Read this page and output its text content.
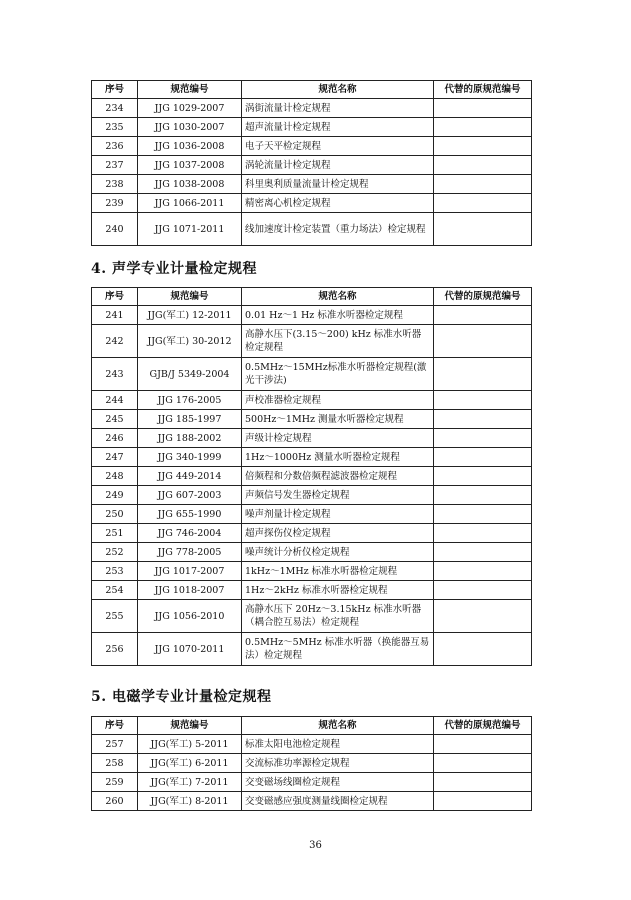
序号	规范编号	规范名称	代替的原规范编号
234	JJG 1029-2007	涡街流量计检定规程	
235	JJG 1030-2007	超声流量计检定规程	
236	JJG 1036-2008	电子天平检定规程	
237	JJG 1037-2008	涡轮流量计检定规程	
238	JJG 1038-2008	科里奥利质量流量计检定规程	
239	JJG 1066-2011	精密离心机检定规程	
240	JJG 1071-2011	线加速度计检定装置（重力场法）检定规程	
4. 声学专业计量检定规程
序号	规范编号	规范名称	代替的原规范编号
241	JJG(军工) 12-2011	0.01 Hz～1 Hz 标准水听器检定规程	
242	JJG(军工) 30-2012	高静水压下(3.15～200) kHz 标准水听器检定规程	
243	GJB/J 5349-2004	0.5MHz～15MHz标准水听器检定规程(激光干涉法)	
244	JJG 176-2005	声校准器检定规程	
245	JJG 185-1997	500Hz～1MHz 测量水听器检定规程	
246	JJG 188-2002	声级计检定规程	
247	JJG 340-1999	1Hz～1000Hz 测量水听器检定规程	
248	JJG 449-2014	倍频程和分数倍频程滤波器检定规程	
249	JJG 607-2003	声频信号发生器检定规程	
250	JJG 655-1990	噪声剂量计检定规程	
251	JJG 746-2004	超声探伤仪检定规程	
252	JJG 778-2005	噪声统计分析仪检定规程	
253	JJG 1017-2007	1kHz～1MHz 标准水听器检定规程	
254	JJG 1018-2007	1Hz～2kHz 标准水听器检定规程	
255	JJG 1056-2010	高静水压下 20Hz～3.15kHz 标准水听器（耦合腔互易法）检定规程	
256	JJG 1070-2011	0.5MHz～5MHz 标准水听器（换能器互易法）检定规程	
5. 电磁学专业计量检定规程
序号	规范编号	规范名称	代替的原规范编号
257	JJG(军工) 5-2011	标准太阳电池检定规程	
258	JJG(军工) 6-2011	交流标准功率源检定规程	
259	JJG(军工) 7-2011	交变磁场线圈检定规程	
260	JJG(军工) 8-2011	交变磁感应强度测量线圈检定规程	
36
